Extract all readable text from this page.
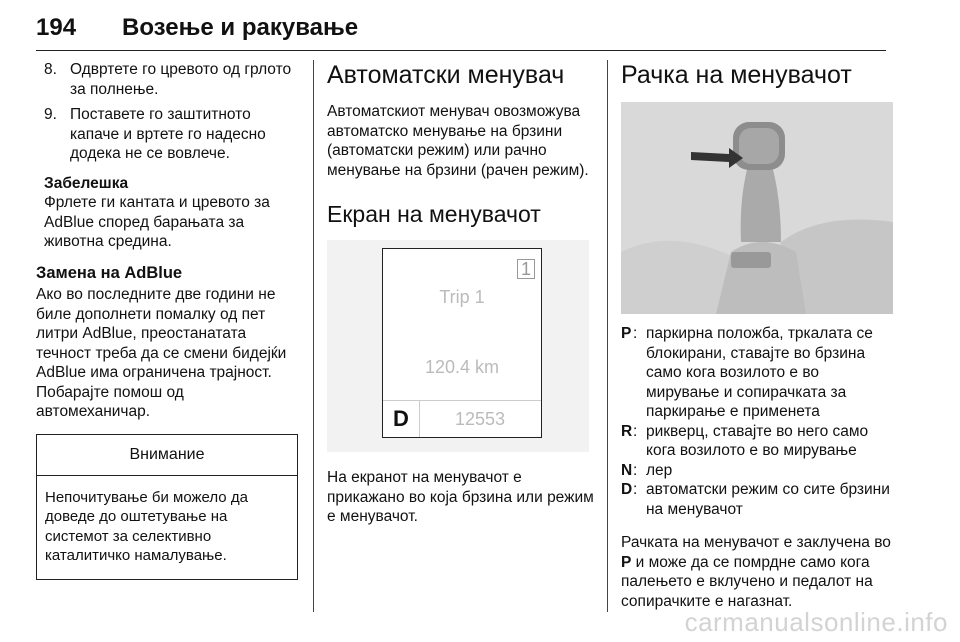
194 Возење и ракување
8. Одвртете го цревото од грлото за полнење.
9. Поставете го заштитното капаче и вртете го надесно додека не се вовлече.

Забелешка

Фрлете ги кантата и цревото за AdBlue според барањата за животна средина.

Замена на AdBlue

Ако во последните две години не биле дополнети помалку од пет литри AdBlue, преостанатата течност треба да се смени бидејќи AdBlue има ограничена трајност. Побарајте помош од автомеханичар.

Внимание
Непочитување би можело да доведе до оштетување на системот за селективно каталитичко намалување.
Автоматски менувач

Автоматскиот менувач овозможува автоматско менување на брзини (автоматски режим) или рачно менување на брзини (рачен режим).

Екран на менувачот
1
Trip 1
120.4 km
D	12553

На екранот на менувачот е прикажано во која брзина или режим е менувачот.

Рачка на менувачот
P : паркирна положба, тркалата се блокирани, ставајте во брзина само кога возилото е во мирување и сопирачката за паркирање е применета
R : рикверц, ставајте во него само кога возилото е во мирување
N : лер
D : автоматски режим со сите брзини на менувачот

Рачката на менувачот е заклучена во P и може да се помрдне само кога палењето е вклучено и педалот на сопирачките е нагазнат.

carmanualsonline.info
